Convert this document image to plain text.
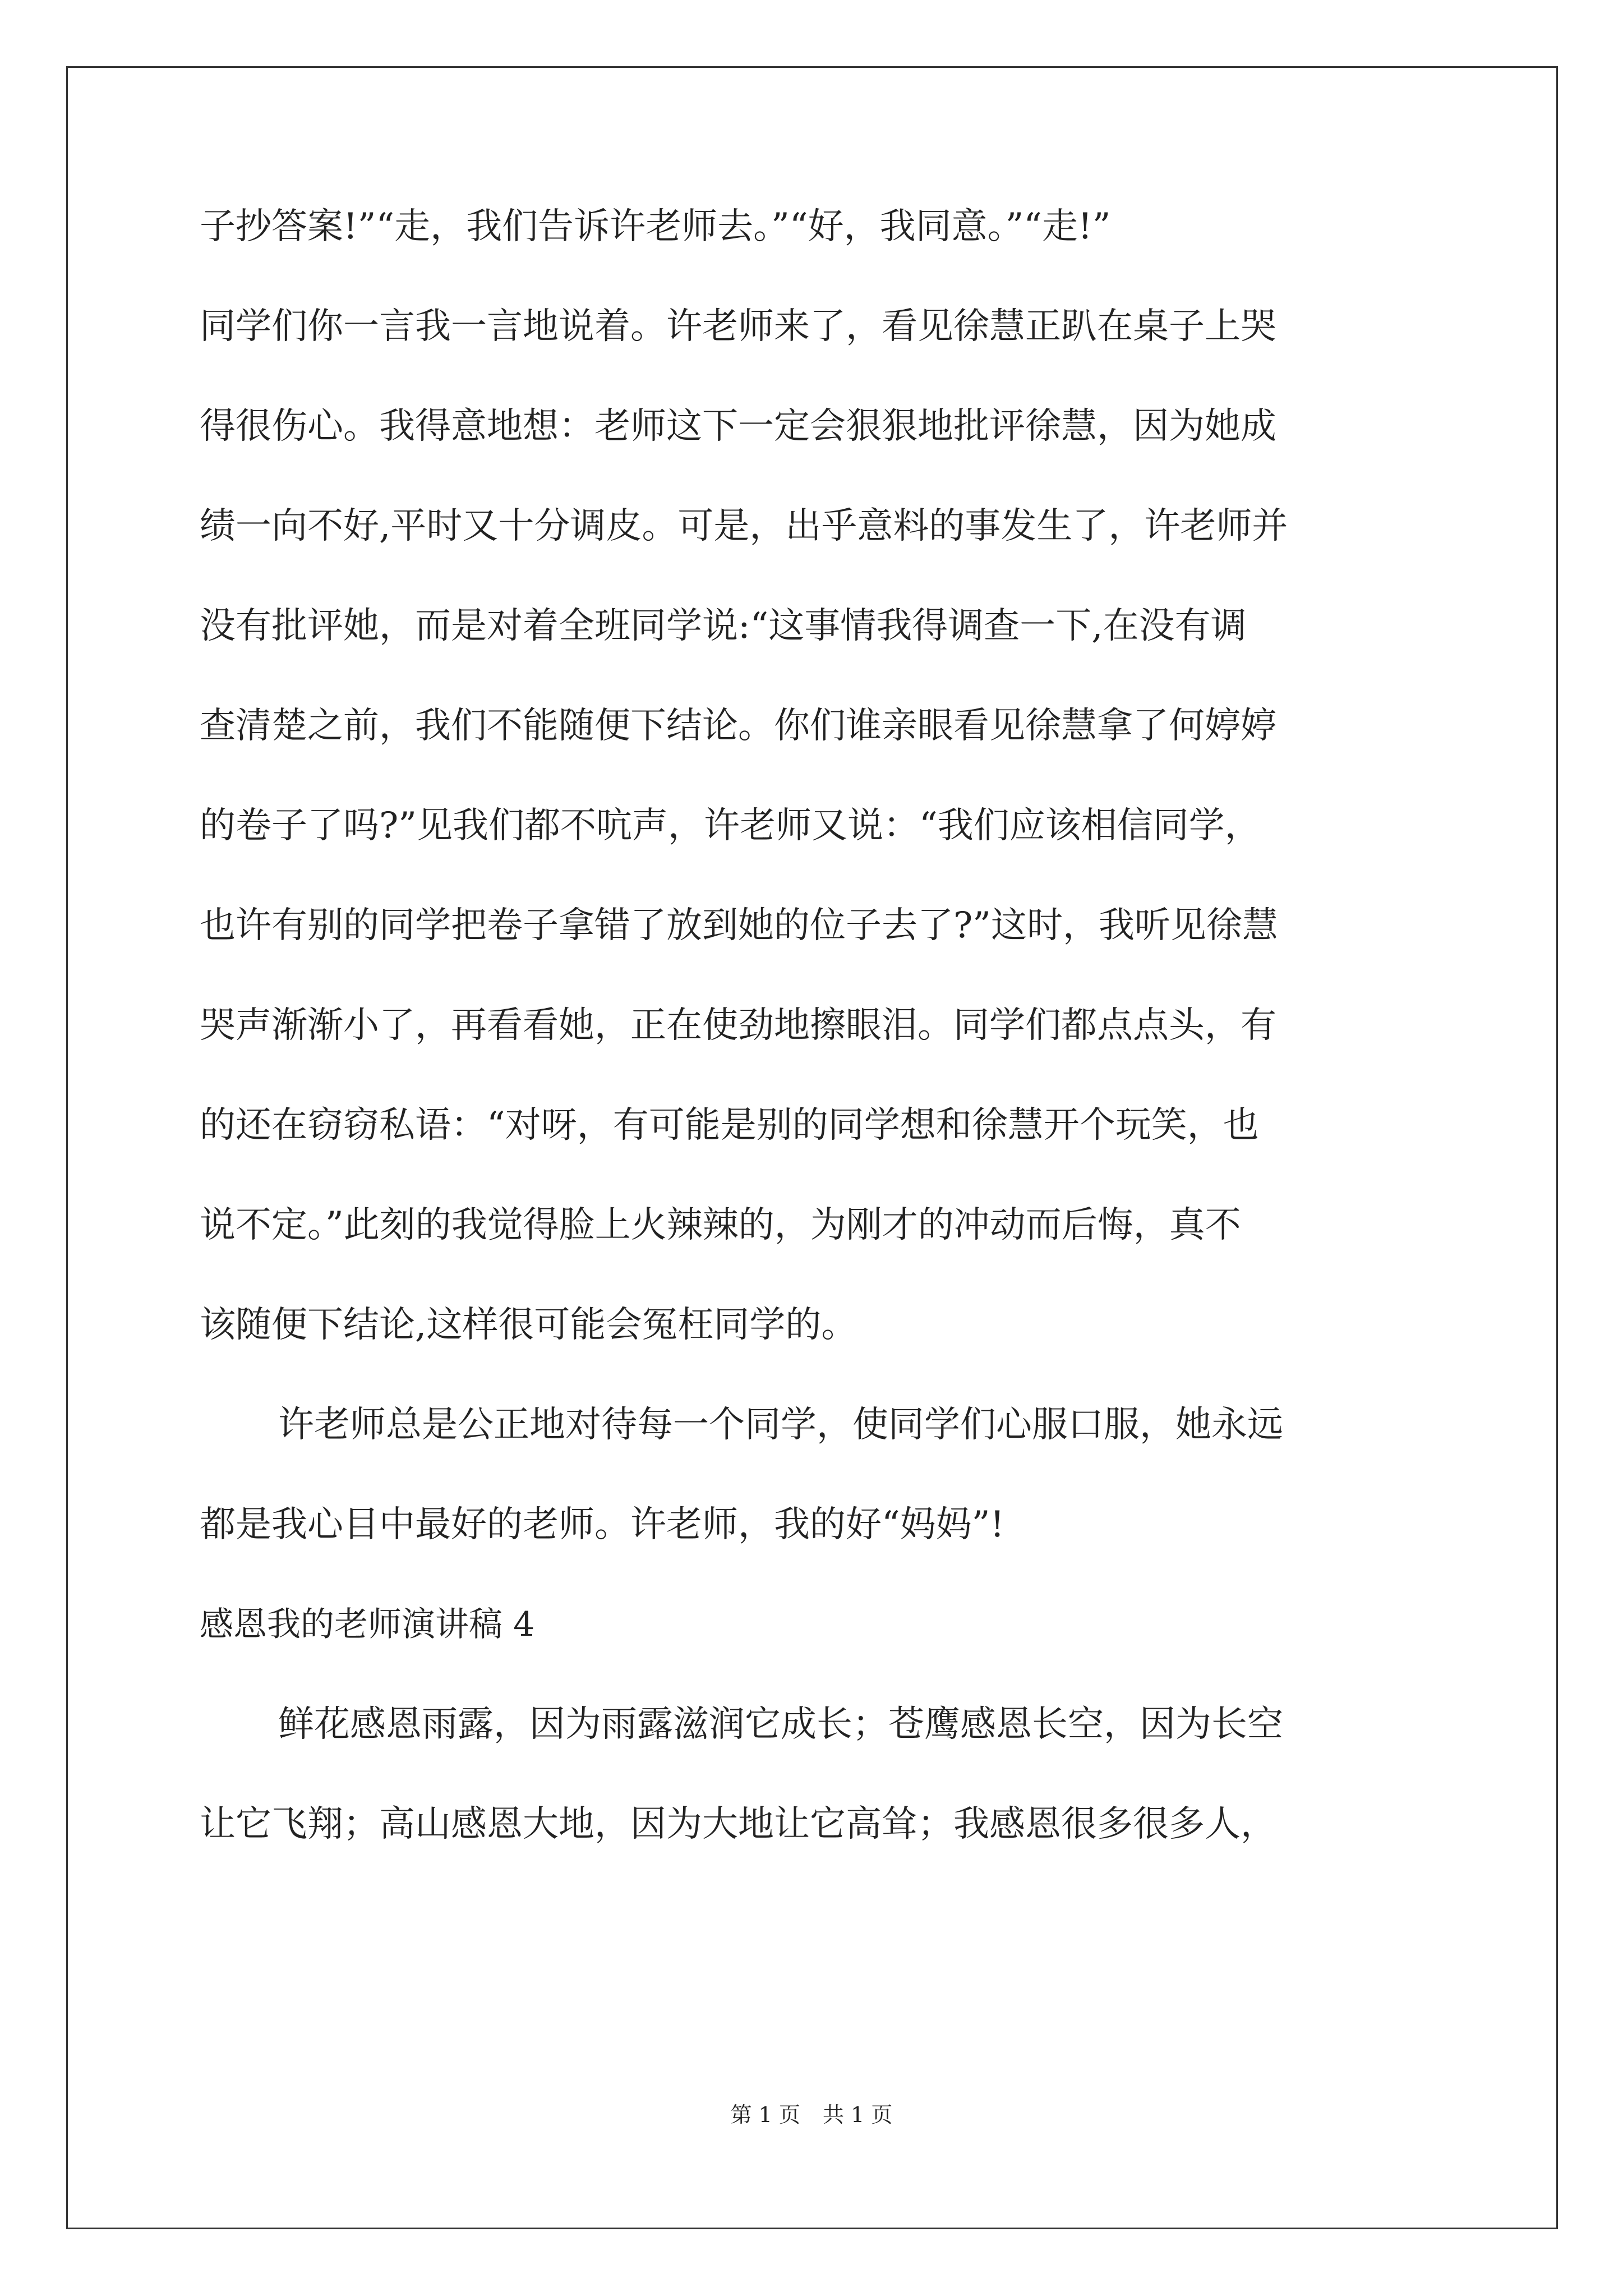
子抄答案!”“走，我们告诉许老师去。”“好，我同意。”“走!”
同学们你一言我一言地说着。许老师来了，看见徐慧正趴在桌子上哭
得很伤心。我得意地想：老师这下一定会狠狠地批评徐慧，因为她成
绩一向不好,平时又十分调皮。可是，出乎意料的事发生了，许老师并
没有批评她，而是对着全班同学说:“这事情我得调查一下,在没有调
查清楚之前，我们不能随便下结论。你们谁亲眼看见徐慧拿了何婷婷
的卷子了吗?”见我们都不吭声，许老师又说：“我们应该相信同学，
也许有别的同学把卷子拿错了放到她的位子去了?”这时，我听见徐慧
哭声渐渐小了，再看看她，正在使劲地擦眼泪。同学们都点点头，有
的还在窃窃私语：“对呀，有可能是别的同学想和徐慧开个玩笑，也
说不定。”此刻的我觉得脸上火辣辣的，为刚才的冲动而后悔，真不
该随便下结论,这样很可能会冤枉同学的。
许老师总是公正地对待每一个同学，使同学们心服口服，她永远
都是我心目中最好的老师。许老师，我的好“妈妈”!
感恩我的老师演讲稿 4
鲜花感恩雨露，因为雨露滋润它成长；苍鹰感恩长空，因为长空
让它飞翔；高山感恩大地，因为大地让它高耸；我感恩很多很多人，
第 1 页 共 1 页
